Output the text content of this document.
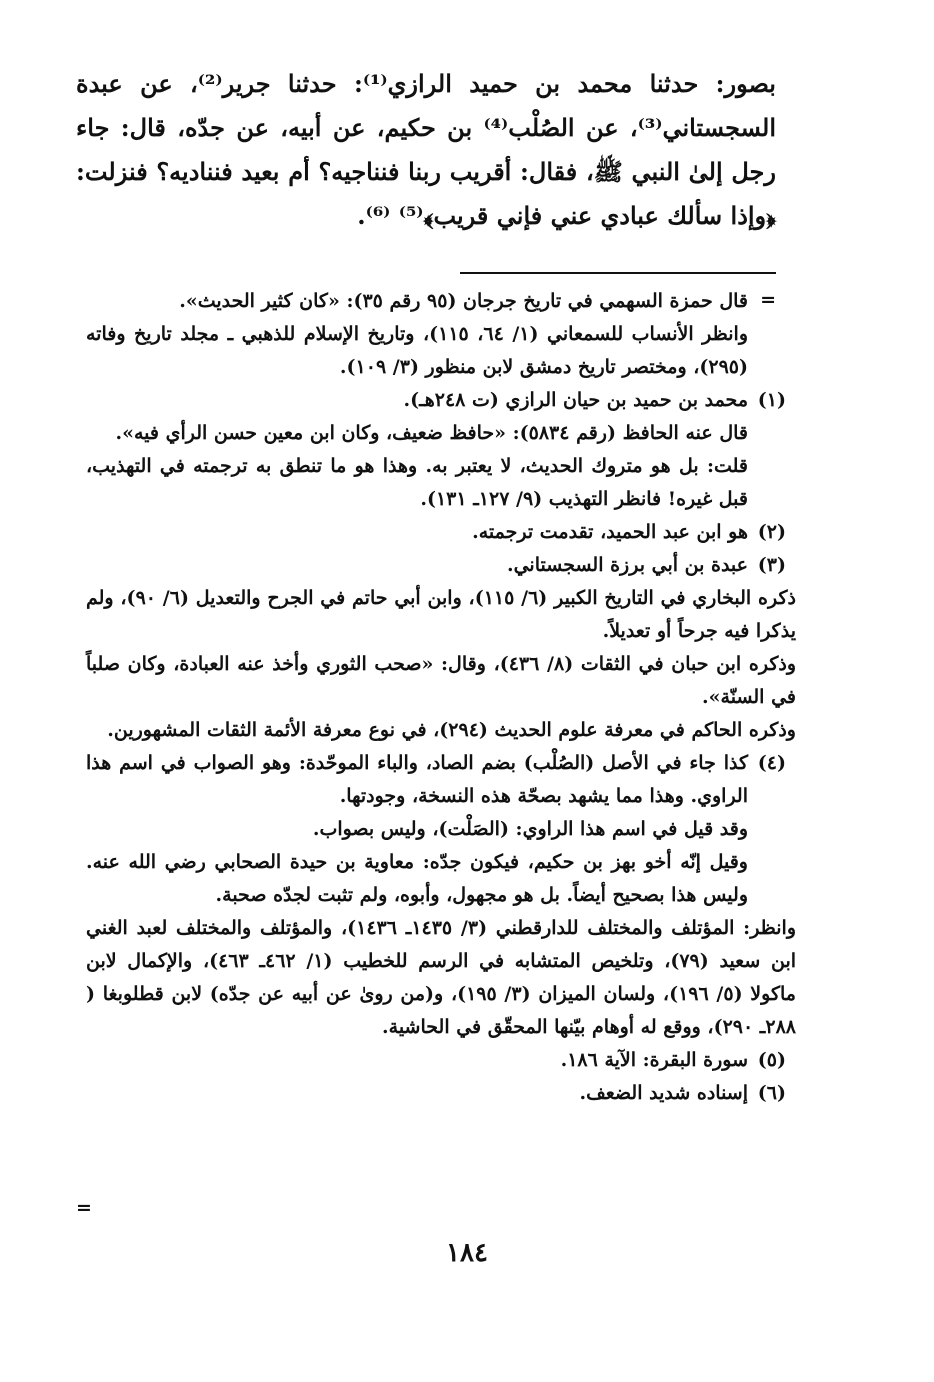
بصور: حدثنا محمد بن حميد الرازي⁽¹⁾: حدثنا جرير⁽²⁾، عن عبدة السجستاني⁽³⁾، عن الصُلْب⁽⁴⁾ بن حكيم، عن أبيه، عن جدّه، قال: جاء رجل إلىٰ النبي ﷺ، فقال: أقريب ربنا فنناجيه؟ أم بعيد فنناديه؟ فنزلت: ﴿وإذا سألك عبادي عني فإني قريب﴾⁽⁵⁾ ⁽⁶⁾.

=

قال حمزة السهمي في تاريخ جرجان (٩٥ رقم ٣٥): «كان كثير الحديث».

وانظر الأنساب للسمعاني (١/ ٦٤، ١١٥)، وتاريخ الإسلام للذهبي ـ مجلد تاريخ وفاته (٢٩٥)، ومختصر تاريخ دمشق لابن منظور (٣/ ١٠٩).

(١)
محمد بن حميد بن حيان الرازي (ت ٢٤٨هـ).

قال عنه الحافظ (رقم ٥٨٣٤): «حافظ ضعيف، وكان ابن معين حسن الرأي فيه».

قلت: بل هو متروك الحديث، لا يعتبر به. وهذا هو ما تنطق به ترجمته في التهذيب، قبل غيره! فانظر التهذيب (٩/ ١٢٧ـ ١٣١).

(٢)
هو ابن عبد الحميد، تقدمت ترجمته.
(٣)
عبدة بن أبي برزة السجستاني.

ذكره البخاري في التاريخ الكبير (٦/ ١١٥)، وابن أبي حاتم في الجرح والتعديل (٦/ ٩٠)، ولم يذكرا فيه جرحاً أو تعديلاً.

وذكره ابن حبان في الثقات (٨/ ٤٣٦)، وقال: «صحب الثوري وأخذ عنه العبادة، وكان صلباً في السنّة».

وذكره الحاكم في معرفة علوم الحديث (٢٩٤)، في نوع معرفة الأئمة الثقات المشهورين.

(٤)
كذا جاء في الأصل (الصُلْب) بضم الصاد، والباء الموحّدة: وهو الصواب في اسم هذا الراوي. وهذا مما يشهد بصحّة هذه النسخة، وجودتها.

وقد قيل في اسم هذا الراوي: (الصَلْت)، وليس بصواب.

وقيل إنّه أخو بهز بن حكيم، فيكون جدّه: معاوية بن حيدة الصحابي رضي الله عنه. وليس هذا بصحيح أيضاً. بل هو مجهول، وأبوه، ولم تثبت لجدّه صحبة.

وانظر: المؤتلف والمختلف للدارقطني (٣/ ١٤٣٥ـ ١٤٣٦)، والمؤتلف والمختلف لعبد الغني ابن سعيد (٧٩)، وتلخيص المتشابه في الرسم للخطيب (١/ ٤٦٢ـ ٤٦٣)، والإكمال لابن ماكولا (٥/ ١٩٦)، ولسان الميزان (٣/ ١٩٥)، و(من روىٰ عن أبيه عن جدّه) لابن قطلوبغا ( ٢٨٨ـ ٢٩٠)، ووقع له أوهام بيّنها المحقّق في الحاشية.

(٥)
سورة البقرة: الآية ١٨٦.
(٦)
إسناده شديد الضعف.
=
١٨٤
